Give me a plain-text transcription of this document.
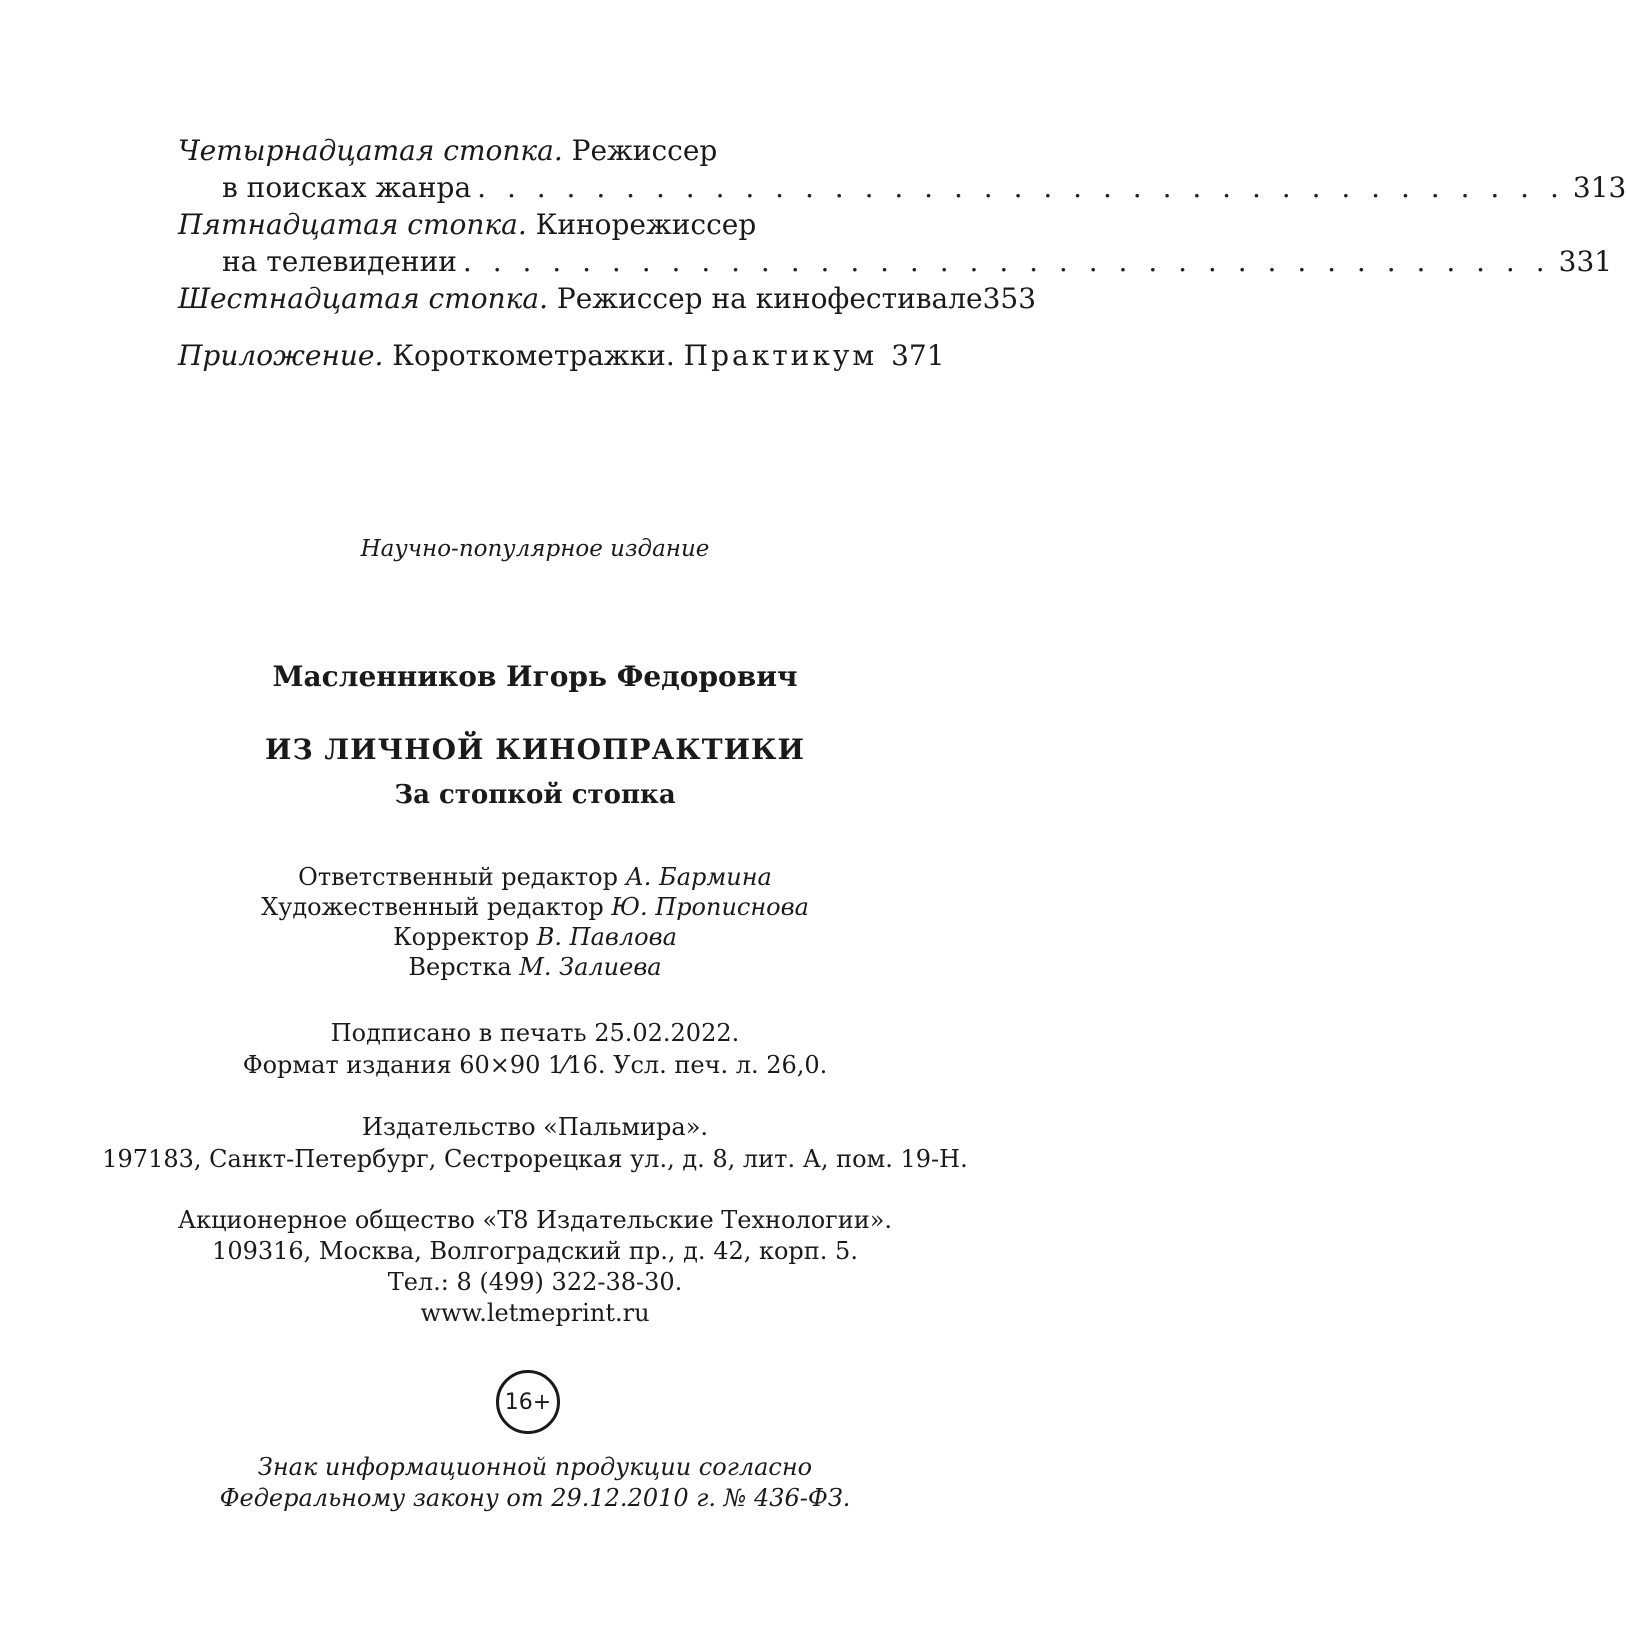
Четырнадцатая стопка. Режиссер
в поисках жанра . . . . . . . . . . . . . . . . . . . . . . . . . . . . . . . . . . . . . 313
Пятнадцатая стопка. Кинорежиссер
на телевидении . . . . . . . . . . . . . . . . . . . . . . . . . . . . . . . . . . . . . 331
Шестнадцатая стопка. Режиссер на кинофестивале 353
Приложение. Короткометражки.
Практикум 371
Научно-популярное издание
Масленников Игорь Федорович
ИЗ ЛИЧНОЙ КИНОПРАКТИКИ
За стопкой стопка
Ответственный редактор А. Бармина
Художественный редактор Ю. Прописнова
Корректор В. Павлова
Верстка М. Залиева
Подписано в печать 25.02.2022.
Формат издания 60×90 1⁄16. Усл. печ. л. 26,0.
Издательство «Пальмира».
197183, Санкт-Петербург, Сестрорецкая ул., д. 8, лит. А, пом. 19-Н.
Акционерное общество «Т8 Издательские Технологии».
109316, Москва, Волгоградский пр., д. 42, корп. 5.
Тел.: 8 (499) 322-38-30.
www.letmeprint.ru
16+
Знак информационной продукции согласно
Федеральному закону от 29.12.2010 г. № 436-ФЗ.
